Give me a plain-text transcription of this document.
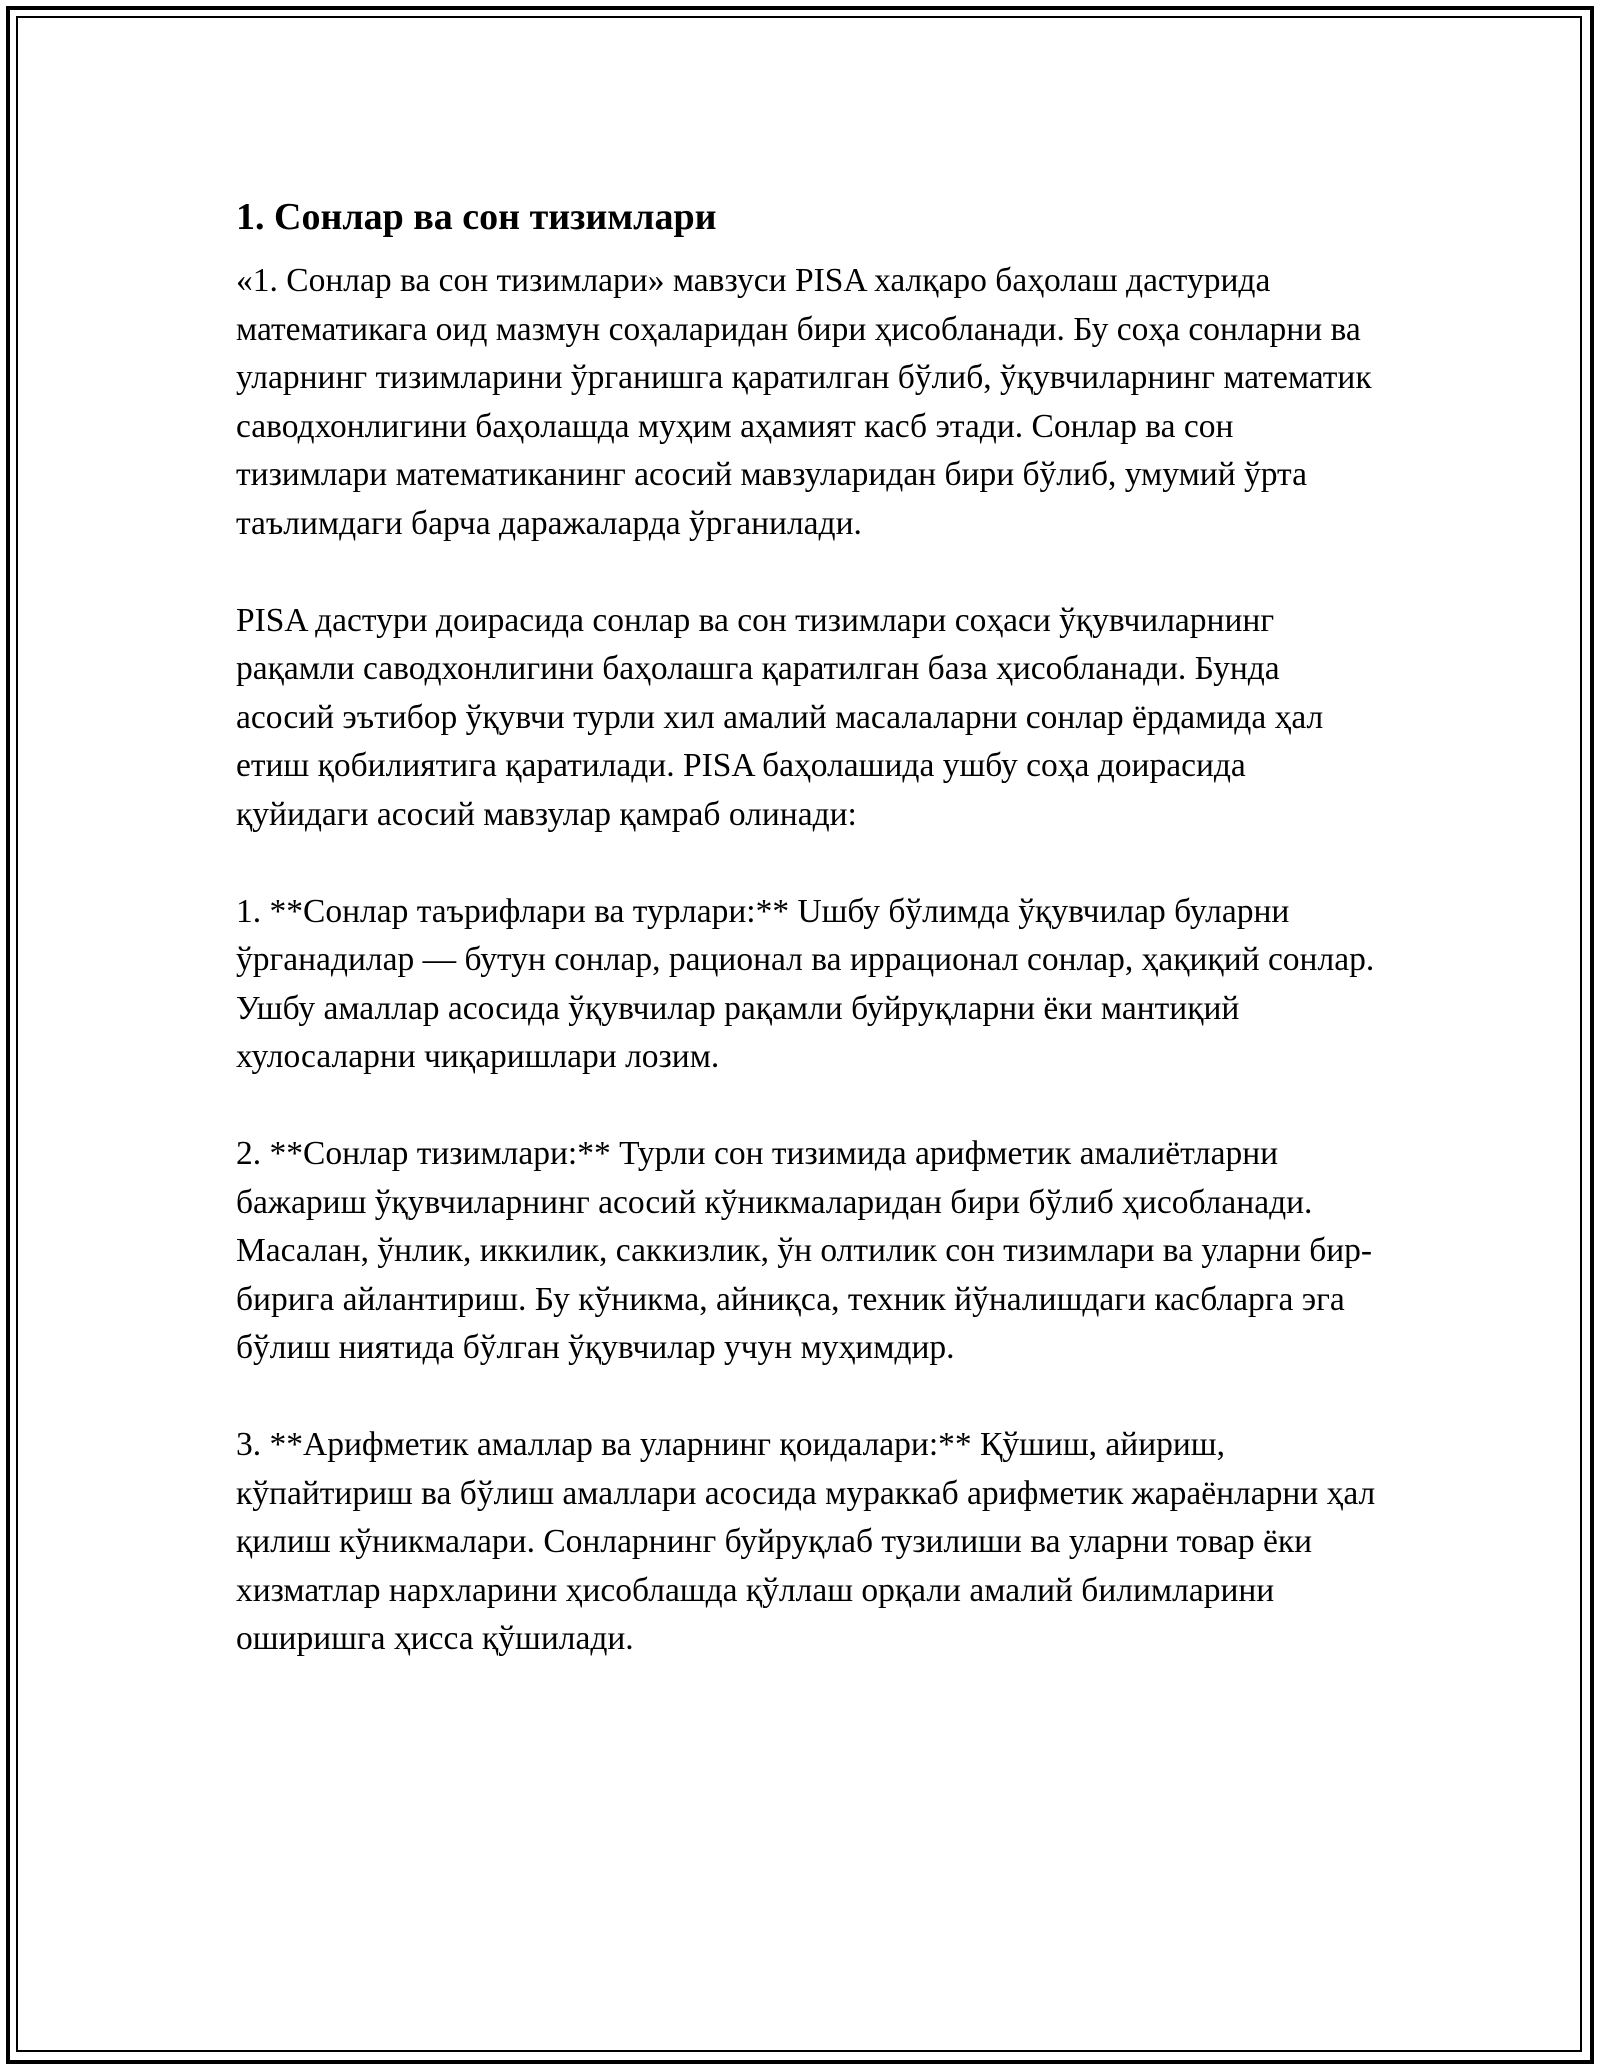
1. Сонлар ва сон тизимлари

«1. Сонлар ва сон тизимлари» мавзуси PISA халқаро баҳолаш дастурида математикага оид мазмун соҳаларидан бири ҳисобланади. Бу соҳа сонларни ва уларнинг тизимларини ўрганишга қаратилган бўлиб, ўқувчиларнинг математик саводхонлигини баҳолашда муҳим аҳамият касб этади. Сонлар ва сон тизимлари математиканинг асосий мавзуларидан бири бўлиб, умумий ўрта таълимдаги барча даражаларда ўрганилади.

PISA дастури доирасида сонлар ва сон тизимлари соҳаси ўқувчиларнинг рақамли саводхонлигини баҳолашга қаратилган база ҳисобланади. Бунда асосий эътибор ўқувчи турли хил амалий масалаларни сонлар ёрдамида ҳал етиш қобилиятига қаратилади. PISA баҳолашида ушбу соҳа доирасида қуйидаги асосий мавзулар қамраб олинади:

1. **Сонлар таърифлари ва турлари:** Uшбу бўлимда ўқувчилар буларни ўрганадилар — бутун сонлар, рационал ва иррационал сонлар, ҳақиқий сонлар. Ушбу амаллар асосида ўқувчилар рақамли буйруқларни ёки мантиқий хулосаларни чиқаришлари лозим.

2. **Сонлар тизимлари:** Турли сон тизимида арифметик амалиётларни бажариш ўқувчиларнинг асосий кўникмаларидан бири бўлиб ҳисобланади. Масалан, ўнлик, иккилик, саккизлик, ўн олтилик сон тизимлари ва уларни бир-бирига айлантириш. Бу кўникма, айниқса, техник йўналишдаги касбларга эга бўлиш ниятида бўлган ўқувчилар учун муҳимдир.

3. **Арифметик амаллар ва уларнинг қоидалари:** Қўшиш, айириш, кўпайтириш ва бўлиш амаллари асосида мураккаб арифметик жараёнларни ҳал қилиш кўникмалари. Сонларнинг буйруқлаб тузилиши ва уларни товар ёки хизматлар нархларини ҳисоблашда қўллаш орқали амалий билимларини оширишга ҳисса қўшилади.
